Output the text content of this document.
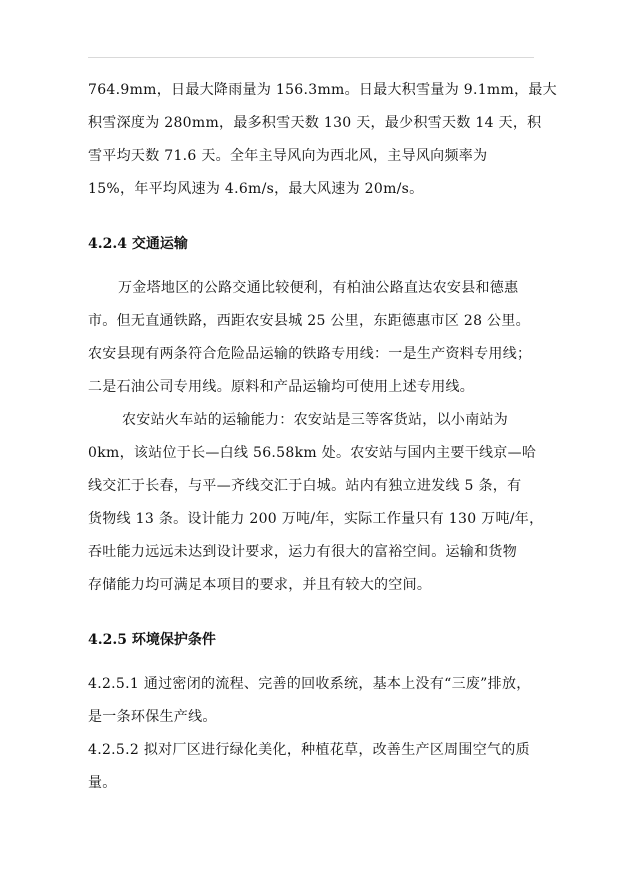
764.9mm，日最大降雨量为 156.3mm。日最大积雪量为 9.1mm，最大
积雪深度为 280mm，最多积雪天数 130 天，最少积雪天数 14 天，积
雪平均天数 71.6 天。全年主导风向为西北风，主导风向频率为
15%，年平均风速为 4.6m/s，最大风速为 20m/s。
4.2.4 交通运输
万金塔地区的公路交通比较便利，有柏油公路直达农安县和德惠
市。但无直通铁路，西距农安县城 25 公里，东距德惠市区 28 公里。
农安县现有两条符合危险品运输的铁路专用线：一是生产资料专用线；
二是石油公司专用线。原料和产品运输均可使用上述专用线。
农安站火车站的运输能力：农安站是三等客货站，以小南站为
0km，该站位于长—白线 56.58km 处。农安站与国内主要干线京—哈
线交汇于长春，与平—齐线交汇于白城。站内有独立进发线 5 条，有
货物线 13 条。设计能力 200 万吨/年，实际工作量只有 130 万吨/年，
吞吐能力远远未达到设计要求，运力有很大的富裕空间。运输和货物
存储能力均可满足本项目的要求，并且有较大的空间。
4.2.5 环境保护条件
4.2.5.1 通过密闭的流程、完善的回收系统，基本上没有“三废”排放，
是一条环保生产线。
4.2.5.2 拟对厂区进行绿化美化，种植花草，改善生产区周围空气的质
量。
